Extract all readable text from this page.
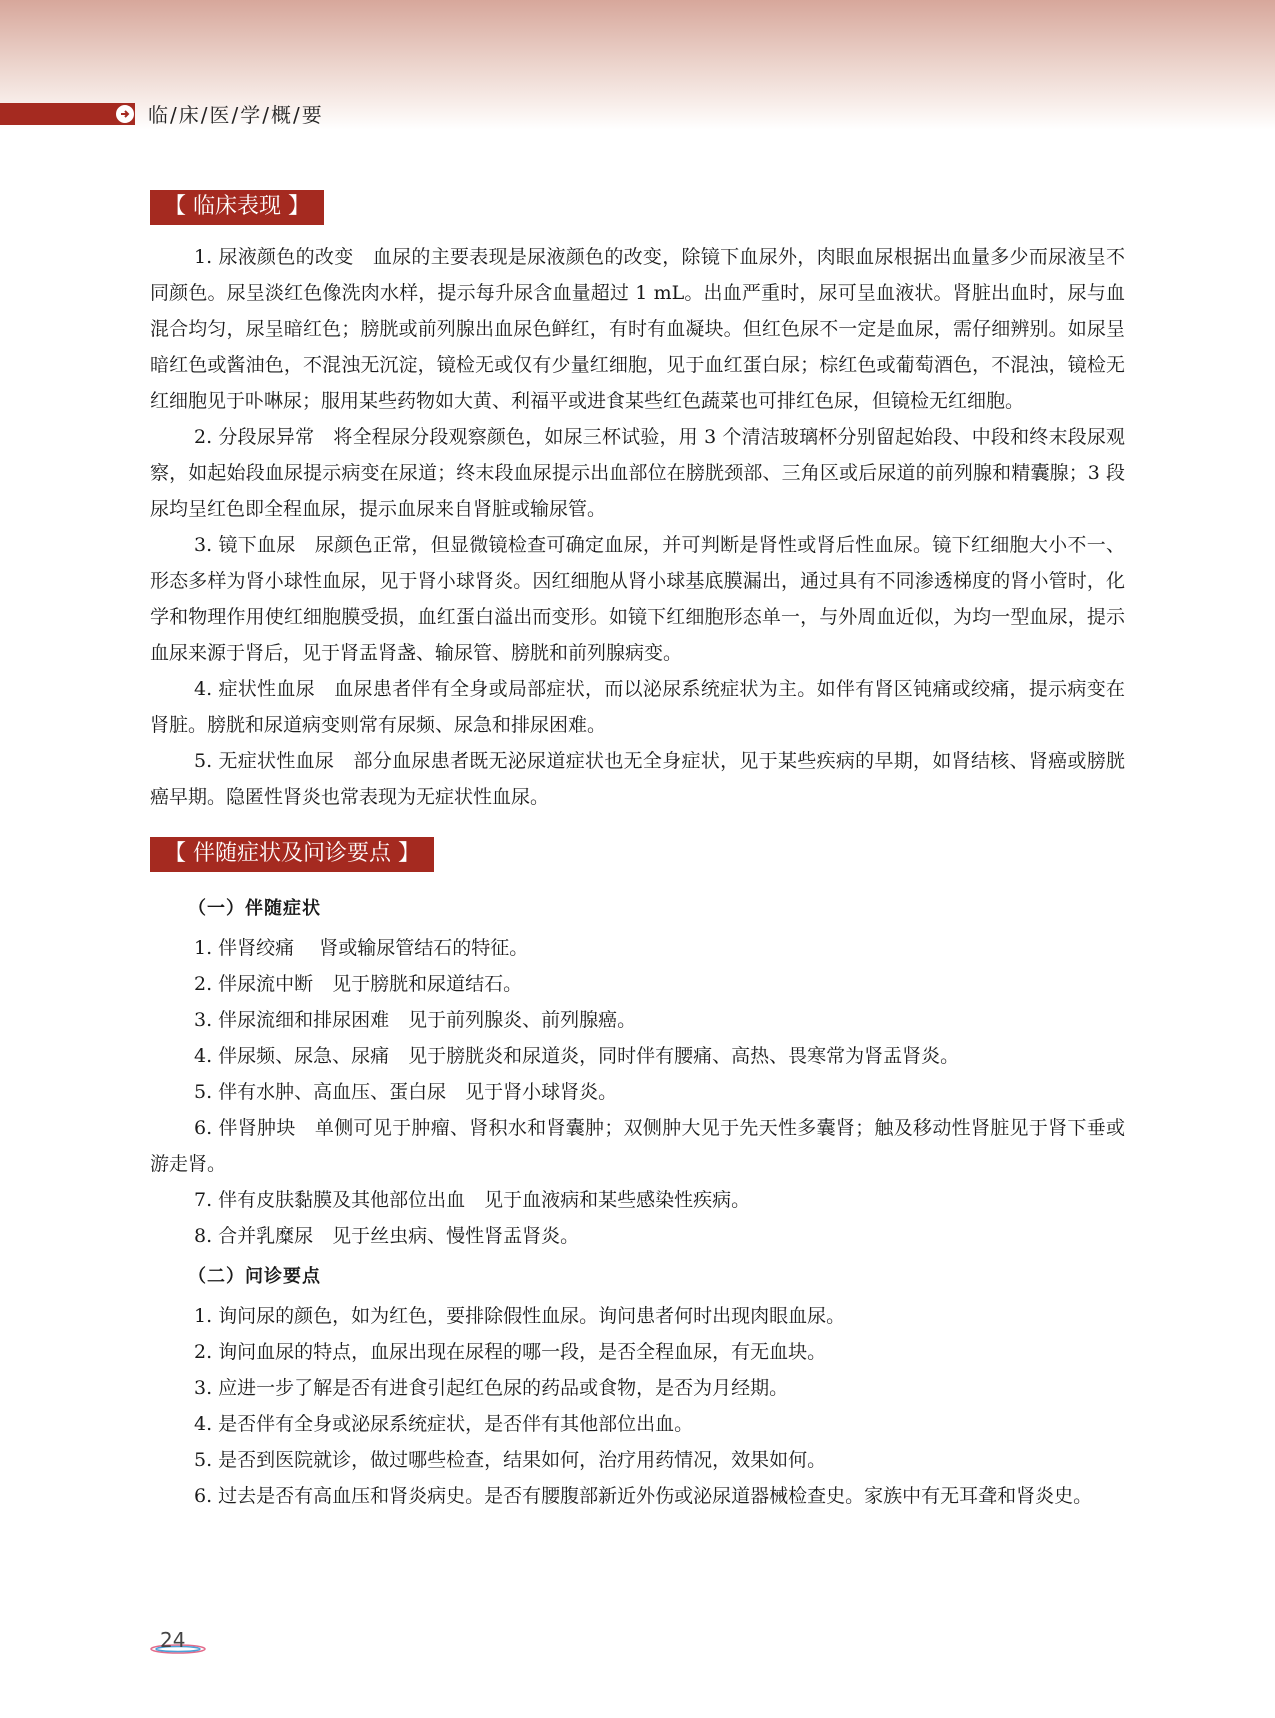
临/床/医/学/概/要
【 临床表现 】

1. 尿液颜色的改变　血尿的主要表现是尿液颜色的改变，除镜下血尿外，肉眼血尿根据出血量多少而尿液呈不同颜色。尿呈淡红色像洗肉水样，提示每升尿含血量超过 1 mL。出血严重时，尿可呈血液状。肾脏出血时，尿与血混合均匀，尿呈暗红色；膀胱或前列腺出血尿色鲜红，有时有血凝块。但红色尿不一定是血尿，需仔细辨别。如尿呈暗红色或酱油色，不混浊无沉淀，镜检无或仅有少量红细胞，见于血红蛋白尿；棕红色或葡萄酒色，不混浊，镜检无红细胞见于卟啉尿；服用某些药物如大黄、利福平或进食某些红色蔬菜也可排红色尿，但镜检无红细胞。

2. 分段尿异常　将全程尿分段观察颜色，如尿三杯试验，用 3 个清洁玻璃杯分别留起始段、中段和终末段尿观察，如起始段血尿提示病变在尿道；终末段血尿提示出血部位在膀胱颈部、三角区或后尿道的前列腺和精囊腺；3 段尿均呈红色即全程血尿，提示血尿来自肾脏或输尿管。

3. 镜下血尿　尿颜色正常，但显微镜检查可确定血尿，并可判断是肾性或肾后性血尿。镜下红细胞大小不一、形态多样为肾小球性血尿，见于肾小球肾炎。因红细胞从肾小球基底膜漏出，通过具有不同渗透梯度的肾小管时，化学和物理作用使红细胞膜受损，血红蛋白溢出而变形。如镜下红细胞形态单一，与外周血近似，为均一型血尿，提示血尿来源于肾后，见于肾盂肾盏、输尿管、膀胱和前列腺病变。

4. 症状性血尿　血尿患者伴有全身或局部症状，而以泌尿系统症状为主。如伴有肾区钝痛或绞痛，提示病变在肾脏。膀胱和尿道病变则常有尿频、尿急和排尿困难。

5. 无症状性血尿　部分血尿患者既无泌尿道症状也无全身症状，见于某些疾病的早期，如肾结核、肾癌或膀胱癌早期。隐匿性肾炎也常表现为无症状性血尿。

【 伴随症状及问诊要点 】
（一）伴随症状

1. 伴肾绞痛　 肾或输尿管结石的特征。

2. 伴尿流中断　见于膀胱和尿道结石。

3. 伴尿流细和排尿困难　见于前列腺炎、前列腺癌。

4. 伴尿频、尿急、尿痛　见于膀胱炎和尿道炎，同时伴有腰痛、高热、畏寒常为肾盂肾炎。

5. 伴有水肿、高血压、蛋白尿　见于肾小球肾炎。

6. 伴肾肿块　单侧可见于肿瘤、肾积水和肾囊肿；双侧肿大见于先天性多囊肾；触及移动性肾脏见于肾下垂或游走肾。

7. 伴有皮肤黏膜及其他部位出血　见于血液病和某些感染性疾病。

8. 合并乳糜尿　见于丝虫病、慢性肾盂肾炎。

（二）问诊要点

1. 询问尿的颜色，如为红色，要排除假性血尿。询问患者何时出现肉眼血尿。

2. 询问血尿的特点，血尿出现在尿程的哪一段，是否全程血尿，有无血块。

3. 应进一步了解是否有进食引起红色尿的药品或食物，是否为月经期。

4. 是否伴有全身或泌尿系统症状，是否伴有其他部位出血。

5. 是否到医院就诊，做过哪些检查，结果如何，治疗用药情况，效果如何。

6. 过去是否有高血压和肾炎病史。是否有腰腹部新近外伤或泌尿道器械检查史。家族中有无耳聋和肾炎史。

24
